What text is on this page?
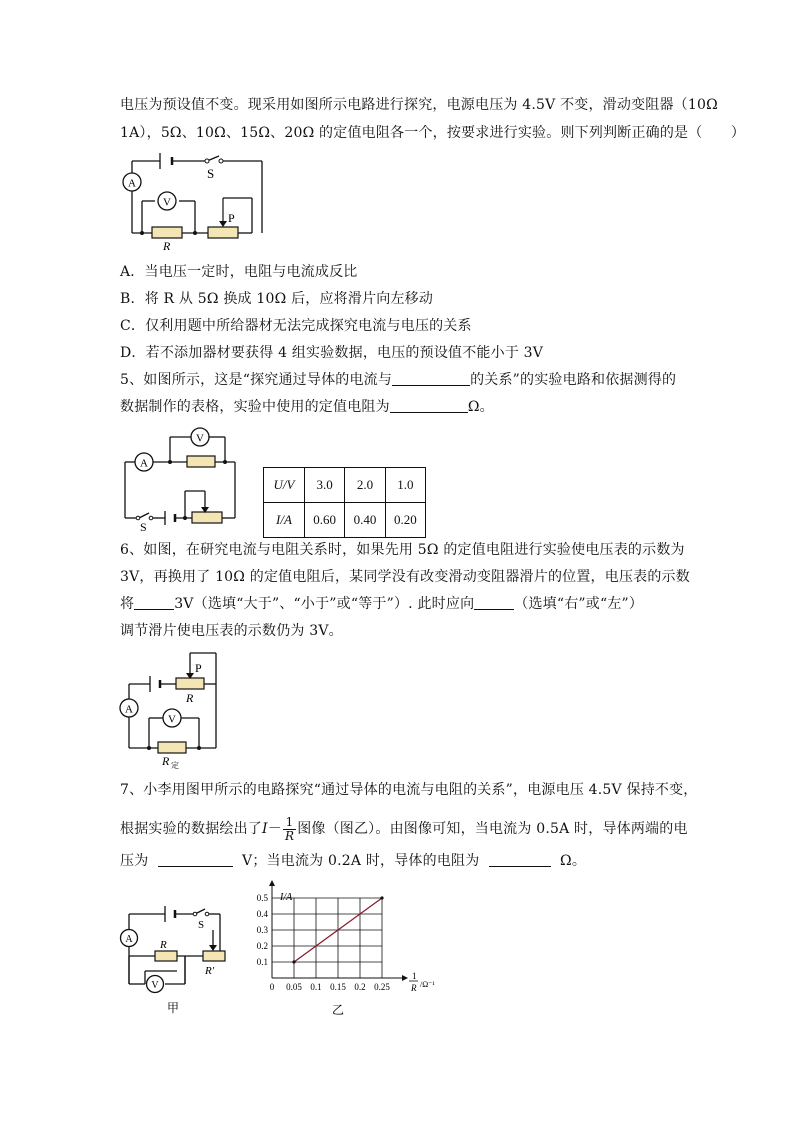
电压为预设值不变。现采用如图所示电路进行探究，电源电压为 4.5V 不变，滑动变阻器（10Ω
1A），5Ω、10Ω、15Ω、20Ω 的定值电阻各一个，按要求进行实验。则下列判断正确的是（　　）
S
A
V
R
P
A．当电压一定时，电阻与电流成反比
B．将 R 从 5Ω 换成 10Ω 后，应将滑片向左移动
C．仅利用题中所给器材无法完成探究电流与电压的关系
D．若不添加器材要获得 4 组实验数据，电压的预设值不能小于 3V
5、如图所示，这是“探究通过导体的电流与	的关系”的实验电路和依据测得的
数据制作的表格，实验中使用的定值电阻为	Ω。
A
V
S
U/V	3.0	2.0	1.0
I/A	0.60	0.40	0.20
6、如图，在研究电流与电阻关系时，如果先用 5Ω 的定值电阻进行实验使电压表的示数为
3V，再换用了 10Ω 的定值电阻后，某同学没有改变滑动变阻器滑片的位置，电压表的示数
将	3V（选填“大于”、“小于”或“等于”）. 此时应向	（选填“右”或“左”）
调节滑片使电压表的示数仍为 3V。
P
R
A
V
R 定
7、小李用图甲所示的电路探究“通过导体的电流与电阻的关系”，电源电压 4.5V 保持不变，
根据实验的数据绘出了$I- \frac{1}{R}$ 图像（图乙）。由图像可知，当电流为 0.5A 时，导体两端的电
压为	V；当电流为 0.2A 时，导体的电阻为	Ω。
S
A R
R′
V
甲
0 0.05 0.1 0.15 0.2 0.25
0.1
0.2
0.3
0.4
0.5 I/A
1
R /Ω⁻¹
乙
